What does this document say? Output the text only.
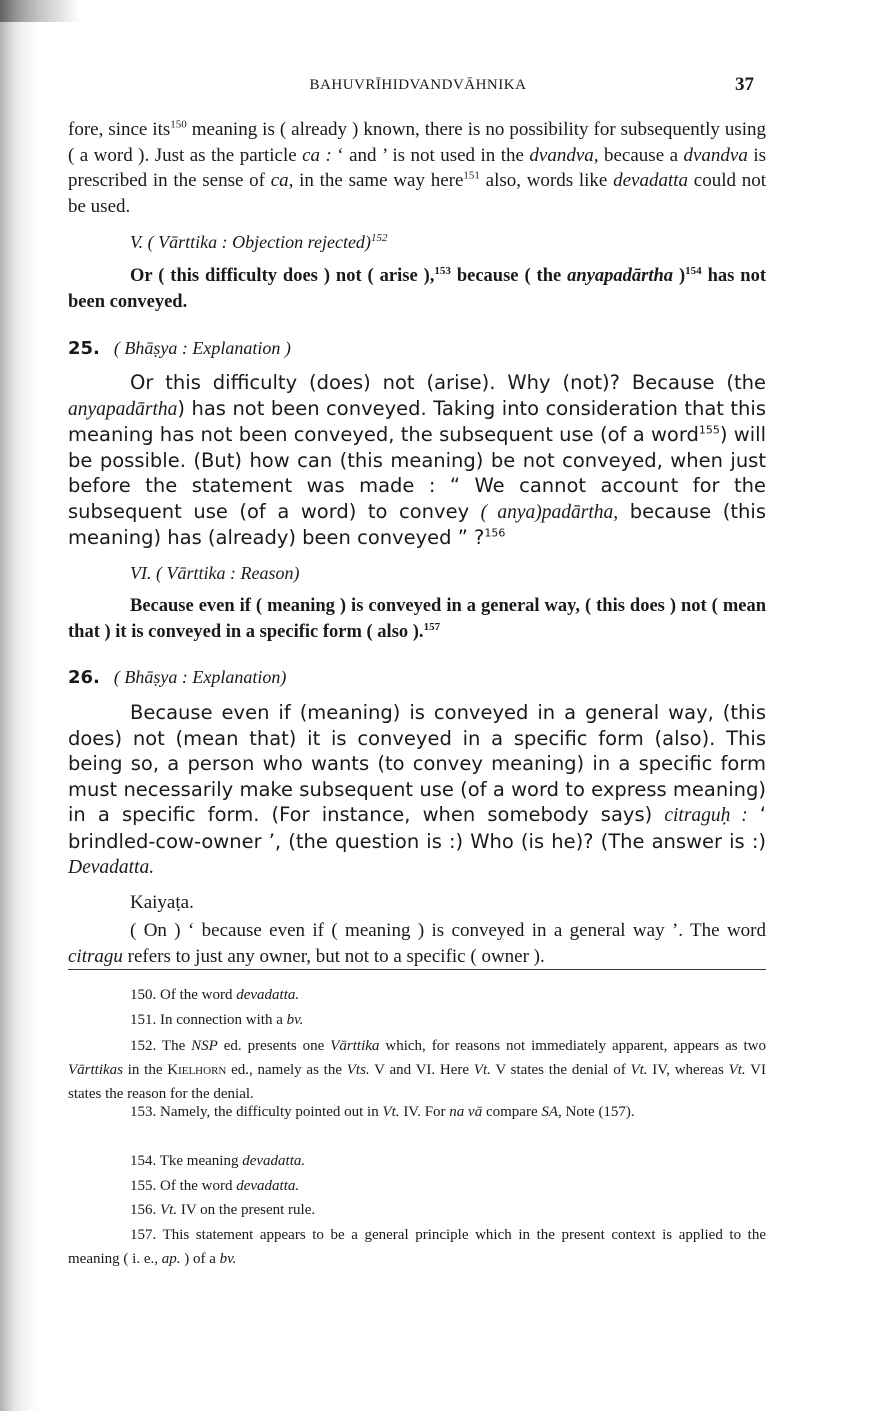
BAHUVRĪHIDVANDVĀHNIKA	37

fore, since its$^{150}$ meaning is ( already ) known, there is no possibility for subsequently using ( a word ). Just as the particle ca : ‘ and ’ is not used in the dvandva, because a dvandva is prescribed in the sense of ca, in the same way here$^{151}$ also, words like devadatta could not be used.

V. ( Vārttika : Objection rejected)$^{152}$

Or ( this difficulty does ) not ( arise ),$^{153}$ because ( the anyapadārtha )$^{154}$ has not been conveyed.

25. ( Bhāṣya : Explanation )

Or this difficulty (does) not (arise). Why (not)? Because (the anyapadārtha) has not been conveyed. Taking into consideration that this meaning has not been conveyed, the subsequent use (of a word$^{155}$) will be possible. (But) how can (this meaning) be not conveyed, when just before the statement was made : “ We cannot account for the subsequent use (of a word) to convey ( anya)padārtha, because (this meaning) has (already) been conveyed ” ?$^{156}$

VI. ( Vārttika : Reason)

Because even if ( meaning ) is conveyed in a general way, ( this does ) not ( mean that ) it is conveyed in a specific form ( also ).$^{157}$

26. ( Bhāṣya : Explanation)

Because even if (meaning) is conveyed in a general way, (this does) not (mean that) it is conveyed in a specific form (also). This being so, a person who wants (to convey meaning) in a specific form must necessarily make subsequent use (of a word to express meaning) in a specific form. (For instance, when somebody says) citraguḥ : ‘ brindled-cow-owner ’, (the question is :) Who (is he)? (The answer is :) Devadatta.

Kaiyaṭa.

( On ) ‘ because even if ( meaning ) is conveyed in a general way ’. The word citragu refers to just any owner, but not to a specific ( owner ).

150. Of the word devadatta.

151. In connection with a bv.

152. The NSP ed. presents one Vārttika which, for reasons not immediately apparent, appears as two Vārttikas in the Kielhorn ed., namely as the Vts. V and VI. Here Vt. V states the denial of Vt. IV, whereas Vt. VI states the reason for the denial.

153. Namely, the difficulty pointed out in Vt. IV. For na vā compare SA, Note (157).

154. Tke meaning devadatta.

155. Of the word devadatta.

156. Vt. IV on the present rule.

157. This statement appears to be a general principle which in the present context is applied to the meaning ( i. e., ap. ) of a bv.
